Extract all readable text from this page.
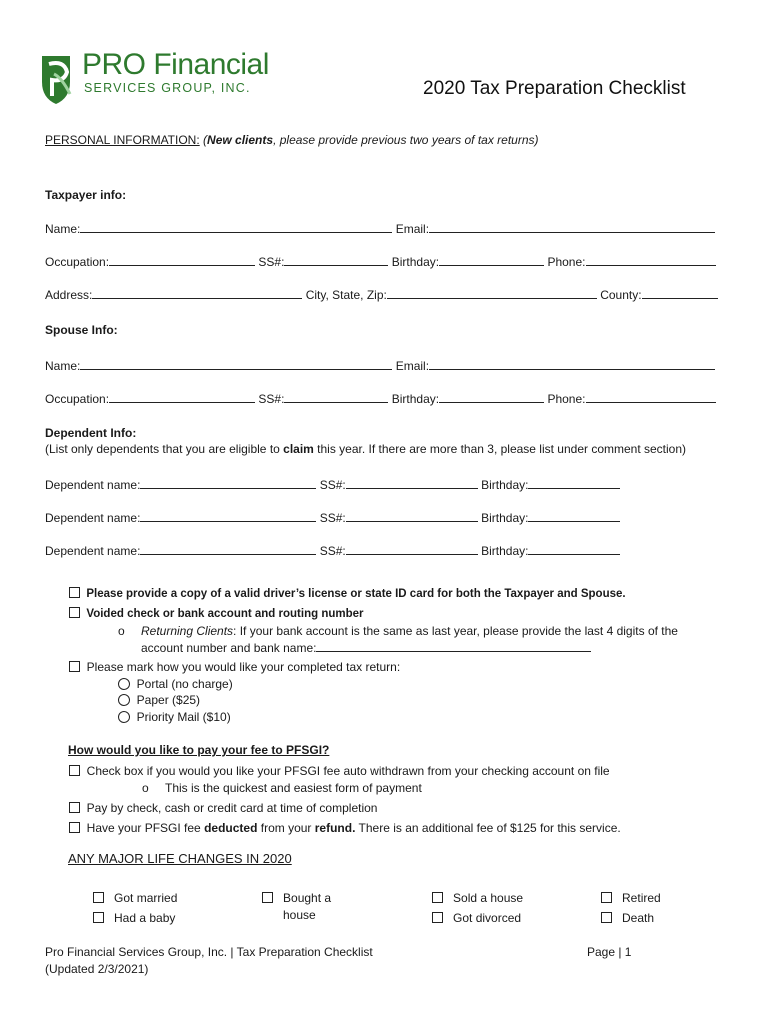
PRO Financial
SERVICES GROUP, INC.	2020 Tax Preparation Checklist
PERSONAL INFORMATION: (New clients, please provide previous two years of tax returns)
Taxpayer info:
Name:	Email:
Occupation:	SS#:	Birthday:	Phone:
Address:	City, State, Zip:	County:
Spouse Info:
Name:	Email:
Occupation:	SS#:	Birthday:	Phone:
Dependent Info:
(List only dependents that you are eligible to claim this year. If there are more than 3, please list under comment section)
Dependent name:	SS#:	Birthday:
Dependent name:	SS#:	Birthday:
Dependent name:	SS#:	Birthday:
Please provide a copy of a valid driver’s license or state ID card for both the Taxpayer and Spouse.
Voided check or bank account and routing number
o Returning Clients: If your bank account is the same as last year, please provide the last 4 digits of the
account number and bank name:
Please mark how you would like your completed tax return:
Portal (no charge)
Paper ($25)
Priority Mail ($10)
How would you like to pay your fee to PFSGI?
Check box if you would you like your PFSGI fee auto withdrawn from your checking account on file
o This is the quickest and easiest form of payment
Pay by check, cash or credit card at time of completion
Have your PFSGI fee deducted from your refund. There is an additional fee of $125 for this service.
ANY MAJOR LIFE CHANGES IN 2020
Got married
Had a baby
Bought a
house
Sold a house
Got divorced
Retired
Death
Pro Financial Services Group, Inc. | Tax Preparation Checklist
(Updated 2/3/2021)
Page | 1
